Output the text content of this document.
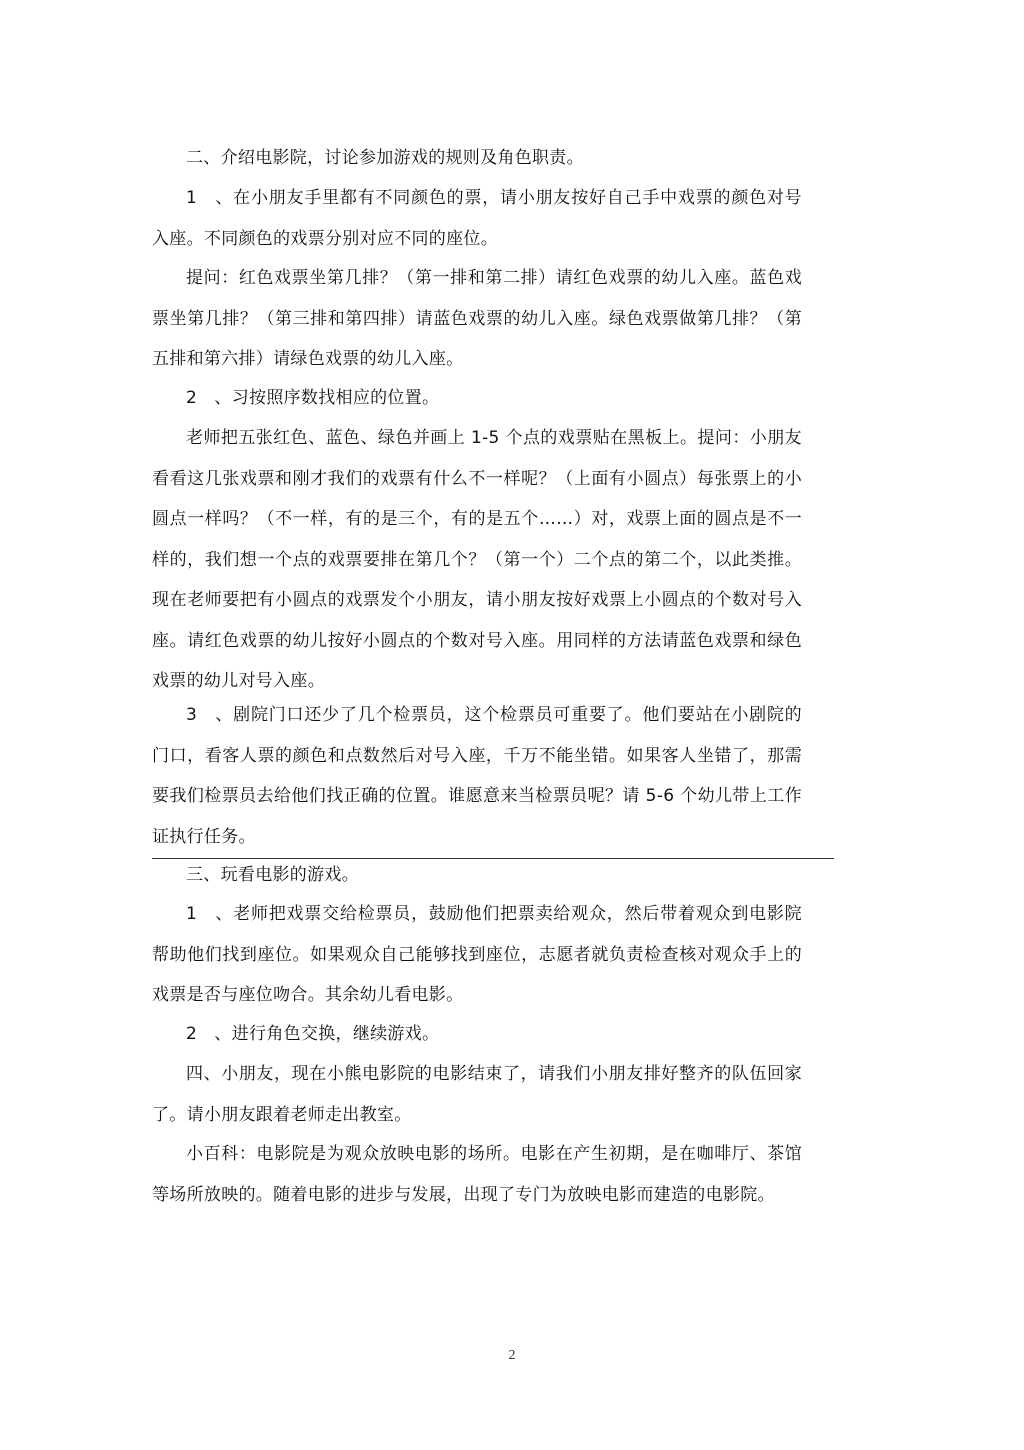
二、介绍电影院，讨论参加游戏的规则及角色职责。

1　、在小朋友手里都有不同颜色的票，请小朋友按好自己手中戏票的颜色对号入座。不同颜色的戏票分别对应不同的座位。

提问：红色戏票坐第几排？（第一排和第二排）请红色戏票的幼儿入座。蓝色戏票坐第几排？（第三排和第四排）请蓝色戏票的幼儿入座。绿色戏票做第几排？（第五排和第六排）请绿色戏票的幼儿入座。

2　、习按照序数找相应的位置。

老师把五张红色、蓝色、绿色并画上 1-5 个点的戏票贴在黑板上。提问：小朋友看看这几张戏票和刚才我们的戏票有什么不一样呢？（上面有小圆点）每张票上的小圆点一样吗？（不一样，有的是三个，有的是五个……）对，戏票上面的圆点是不一样的，我们想一个点的戏票要排在第几个？（第一个）二个点的第二个，以此类推。现在老师要把有小圆点的戏票发个小朋友，请小朋友按好戏票上小圆点的个数对号入座。请红色戏票的幼儿按好小圆点的个数对号入座。用同样的方法请蓝色戏票和绿色戏票的幼儿对号入座。

3　、剧院门口还少了几个检票员，这个检票员可重要了。他们要站在小剧院的门口，看客人票的颜色和点数然后对号入座，千万不能坐错。如果客人坐错了，那需要我们检票员去给他们找正确的位置。谁愿意来当检票员呢？请 5-6 个幼儿带上工作证执行任务。

三、玩看电影的游戏。

1　、老师把戏票交给检票员，鼓励他们把票卖给观众，然后带着观众到电影院帮助他们找到座位。如果观众自己能够找到座位，志愿者就负责检查核对观众手上的戏票是否与座位吻合。其余幼儿看电影。

2　、进行角色交换，继续游戏。

四、小朋友，现在小熊电影院的电影结束了，请我们小朋友排好整齐的队伍回家了。请小朋友跟着老师走出教室。

小百科：电影院是为观众放映电影的场所。电影在产生初期，是在咖啡厅、茶馆等场所放映的。随着电影的进步与发展，出现了专门为放映电影而建造的电影院。

2
